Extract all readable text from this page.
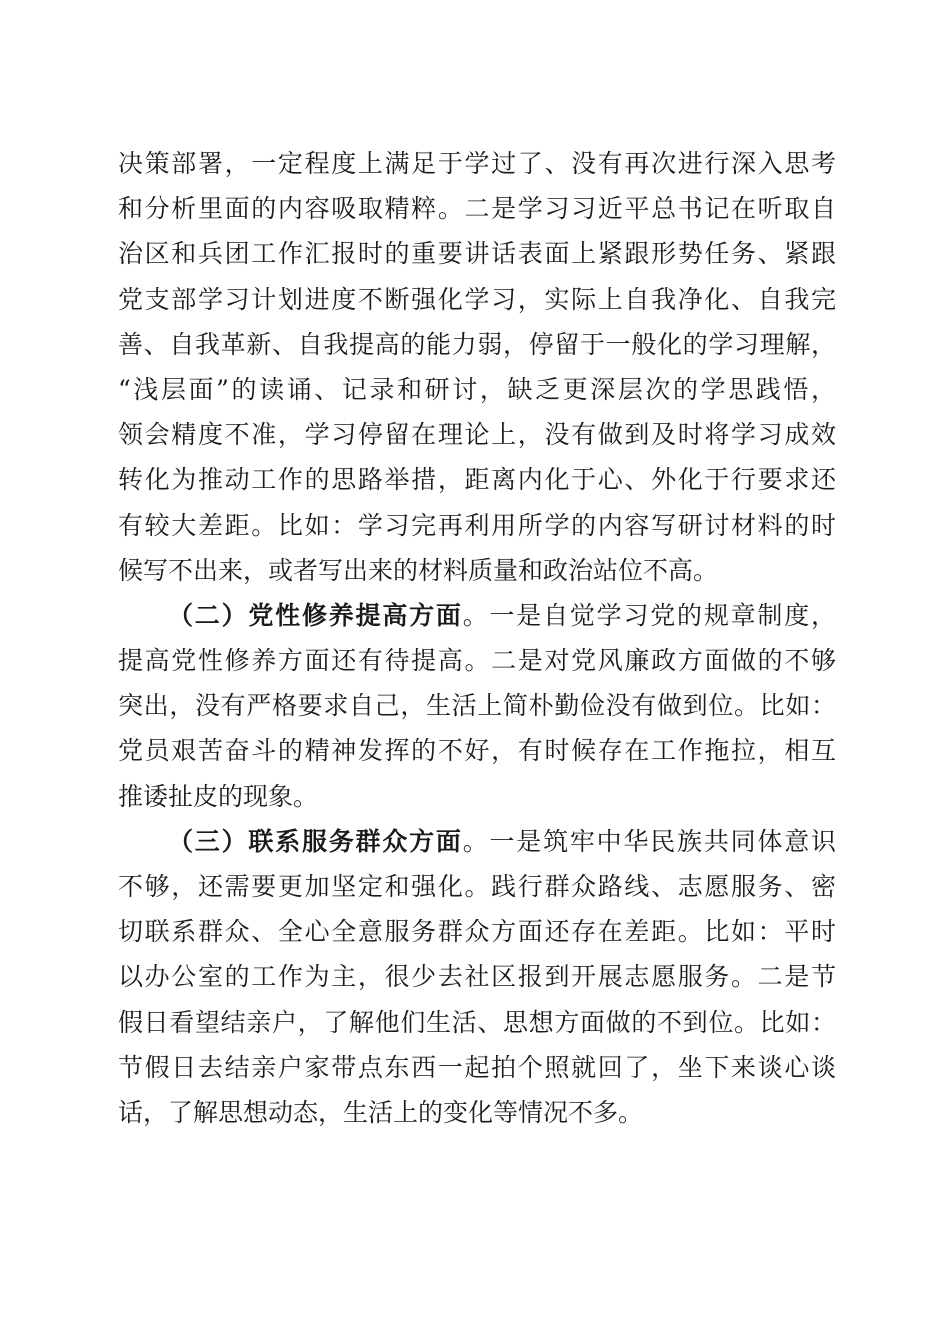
决策部署，一定程度上满足于学过了、没有再次进行深入思考
和分析里面的内容吸取精粹。二是学习习近平总书记在听取自
治区和兵团工作汇报时的重要讲话表面上紧跟形势任务、紧跟
党支部学习计划进度不断强化学习，实际上自我净化、自我完
善、自我革新、自我提高的能力弱，停留于一般化的学习理解，
“浅层面”的读诵、记录和研讨，缺乏更深层次的学思践悟，
领会精度不准，学习停留在理论上，没有做到及时将学习成效
转化为推动工作的思路举措，距离内化于心、外化于行要求还
有较大差距。比如：学习完再利用所学的内容写研讨材料的时
候写不出来，或者写出来的材料质量和政治站位不高。
（二）党性修养提高方面。一是自觉学习党的规章制度，
提高党性修养方面还有待提高。二是对党风廉政方面做的不够
突出，没有严格要求自己，生活上简朴勤俭没有做到位。比如：
党员艰苦奋斗的精神发挥的不好，有时候存在工作拖拉，相互
推诿扯皮的现象。
（三）联系服务群众方面。一是筑牢中华民族共同体意识
不够，还需要更加坚定和强化。践行群众路线、志愿服务、密
切联系群众、全心全意服务群众方面还存在差距。比如：平时
以办公室的工作为主，很少去社区报到开展志愿服务。二是节
假日看望结亲户，了解他们生活、思想方面做的不到位。比如：
节假日去结亲户家带点东西一起拍个照就回了，坐下来谈心谈
话，了解思想动态，生活上的变化等情况不多。
